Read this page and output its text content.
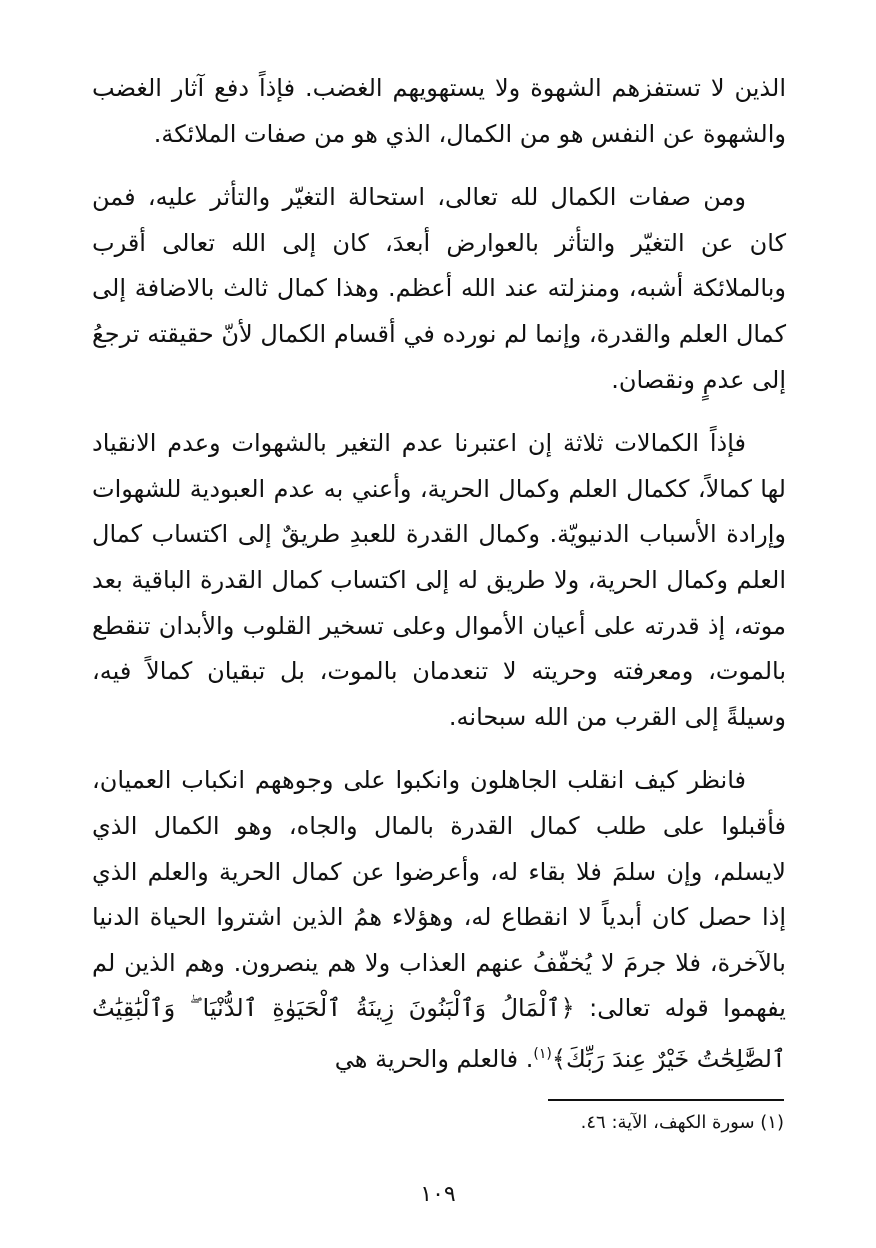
الذين لا تستفزهم الشهوة ولا يستهويهم الغضب. فإذاً دفع آثار الغضب والشهوة عن النفس هو من الكمال، الذي هو من صفات الملائكة.

ومن صفات الكمال لله تعالى، استحالة التغيّر والتأثر عليه، فمن كان عن التغيّر والتأثر بالعوارض أبعدَ، كان إلى الله تعالى أقرب وبالملائكة أشبه، ومنزلته عند الله أعظم. وهذا كمال ثالث بالاضافة إلى كمال العلم والقدرة، وإنما لم نورده في أقسام الكمال لأنّ حقيقته ترجعُ إلى عدمٍ ونقصان.

فإذاً الكمالات ثلاثة إن اعتبرنا عدم التغير بالشهوات وعدم الانقياد لها كمالاً، ككمال العلم وكمال الحرية، وأعني به عدم العبودية للشهوات وإرادة الأسباب الدنيويّة. وكمال القدرة للعبدِ طريقٌ إلى اكتساب كمال العلم وكمال الحرية، ولا طريق له إلى اكتساب كمال القدرة الباقية بعد موته، إذ قدرته على أعيان الأموال وعلى تسخير القلوب والأبدان تنقطع بالموت، ومعرفته وحريته لا تنعدمان بالموت، بل تبقيان كمالاً فيه، وسيلةً إلى القرب من الله سبحانه.

فانظر كيف انقلب الجاهلون وانكبوا على وجوههم انكباب العميان، فأقبلوا على طلب كمال القدرة بالمال والجاه، وهو الكمال الذي لايسلم، وإن سلمَ فلا بقاء له، وأعرضوا عن كمال الحرية والعلم الذي إذا حصل كان أبدياً لا انقطاع له، وهؤلاء همُ الذين اشتروا الحياة الدنيا بالآخرة، فلا جرمَ لا يُخفّفُ عنهم العذاب ولا هم ينصرون. وهم الذين لم يفهموا قوله تعالى: ﴿ٱلْمَالُ وَٱلْبَنُونَ زِينَةُ ٱلْحَيَوٰةِ ٱلدُّنْيَا ۖ وَٱلْبَٰقِيَٰتُ ٱلصَّٰلِحَٰتُ خَيْرٌ عِندَ رَبِّكَ﴾$^{(١)}$. فالعلم والحرية هي

(١) سورة الكهف، الآية: ٤٦.
١٠٩
